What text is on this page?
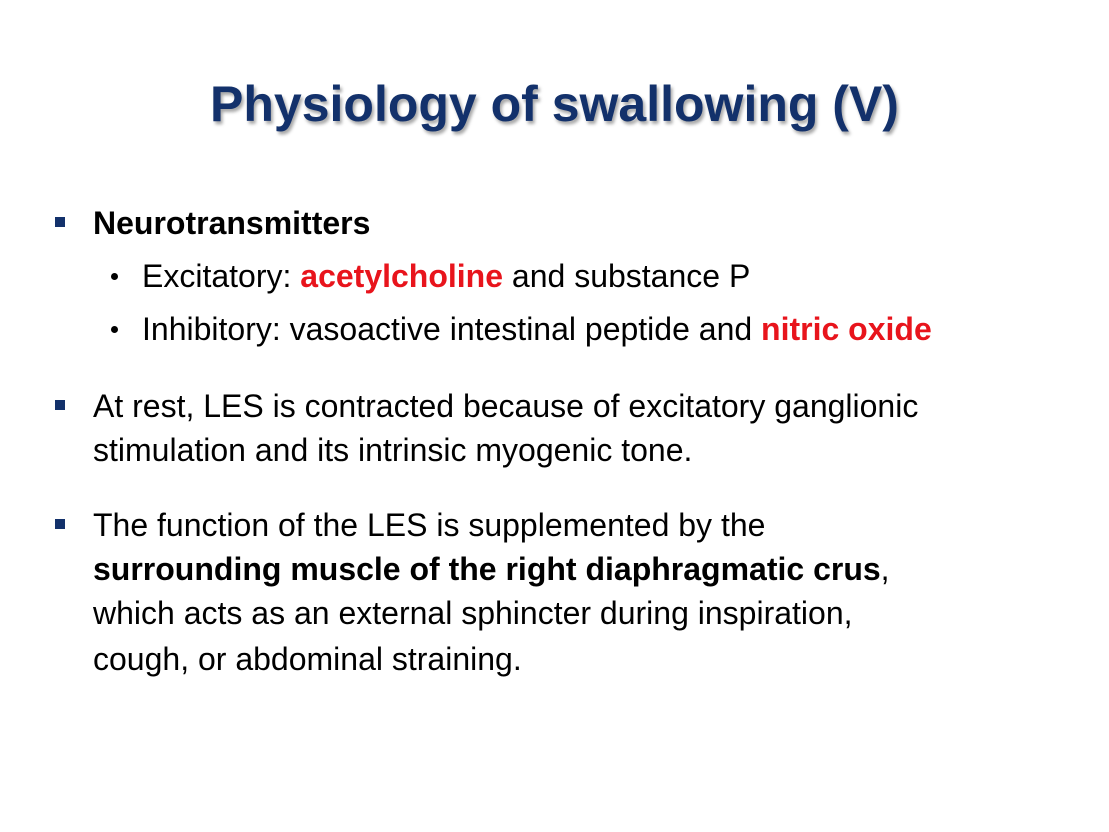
Physiology of swallowing (V)

Neurotransmitters

Excitatory: acetylcholine and substance P

Inhibitory: vasoactive intestinal peptide and nitric oxide

At rest, LES is contracted because of excitatory ganglionic

stimulation and its intrinsic myogenic tone.

The function of the LES is supplemented by the

surrounding muscle of the right diaphragmatic crus,

which acts as an external sphincter during inspiration,

cough, or abdominal straining.
